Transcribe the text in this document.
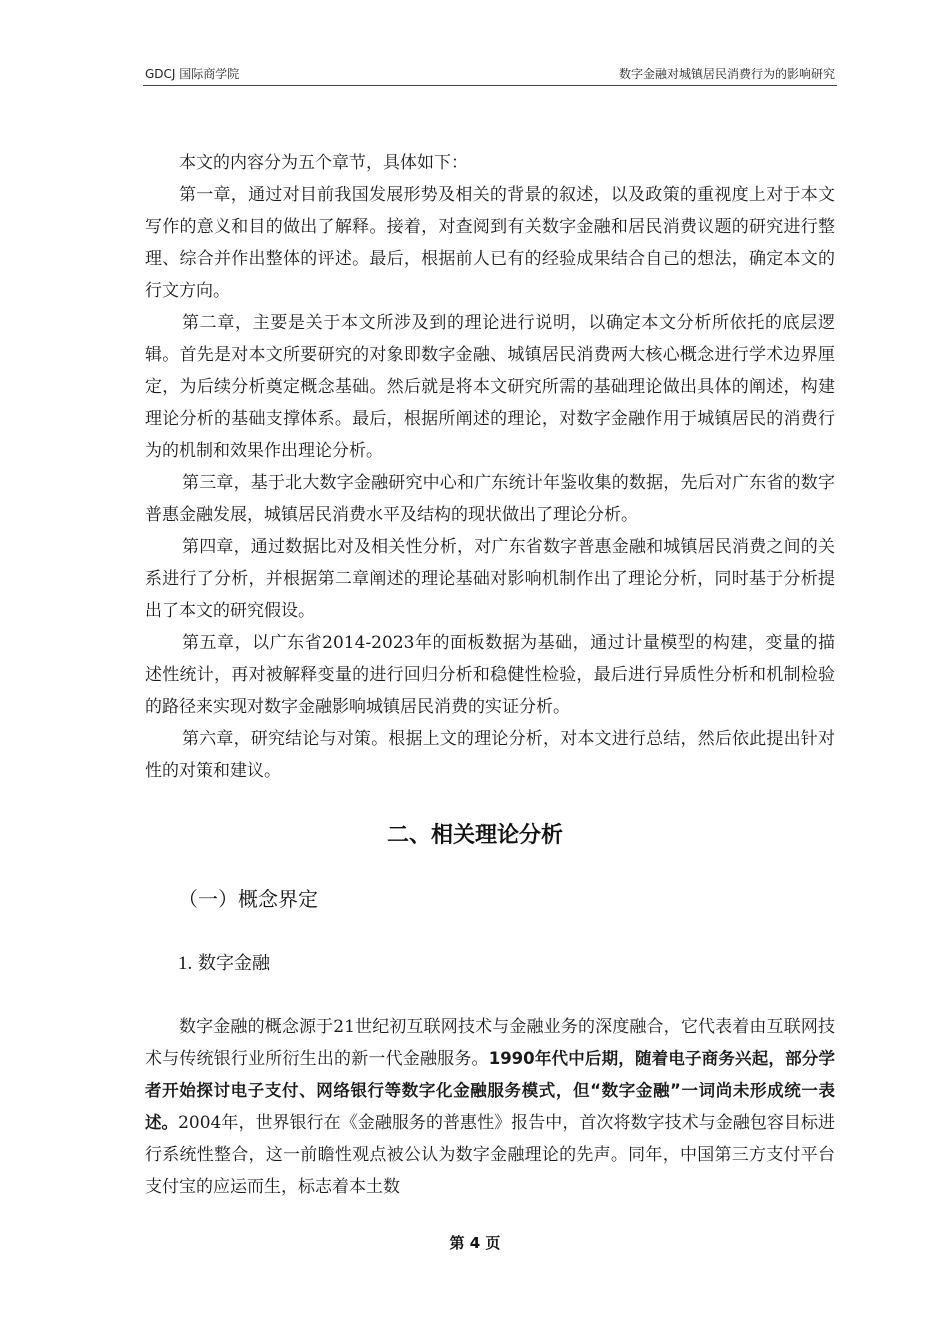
GDCJ 国际商学院	数字金融对城镇居民消费行为的影响研究

本文的内容分为五个章节，具体如下：

第一章，通过对目前我国发展形势及相关的背景的叙述，以及政策的重视度上对于本文写作的意义和目的做出了解释。接着，对查阅到有关数字金融和居民消费议题的研究进行整理、综合并作出整体的评述。最后，根据前人已有的经验成果结合自己的想法，确定本文的行文方向。

第二章，主要是关于本文所涉及到的理论进行说明，以确定本文分析所依托的底层逻辑。首先是对本文所要研究的对象即数字金融、城镇居民消费两大核心概念进行学术边界厘定，为后续分析奠定概念基础。然后就是将本文研究所需的基础理论做出具体的阐述，构建理论分析的基础支撑体系。最后，根据所阐述的理论，对数字金融作用于城镇居民的消费行为的机制和效果作出理论分析。

第三章，基于北大数字金融研究中心和广东统计年鉴收集的数据，先后对广东省的数字普惠金融发展，城镇居民消费水平及结构的现状做出了理论分析。

第四章，通过数据比对及相关性分析，对广东省数字普惠金融和城镇居民消费之间的关系进行了分析，并根据第二章阐述的理论基础对影响机制作出了理论分析，同时基于分析提出了本文的研究假设。

第五章，以广东省2014-2023年的面板数据为基础，通过计量模型的构建，变量的描述性统计，再对被解释变量的进行回归分析和稳健性检验，最后进行异质性分析和机制检验的路径来实现对数字金融影响城镇居民消费的实证分析。

第六章，研究结论与对策。根据上文的理论分析，对本文进行总结，然后依此提出针对性的对策和建议。

二、相关理论分析
（一）概念界定
1. 数字金融

数字金融的概念源于21世纪初互联网技术与金融业务的深度融合，它代表着由互联网技术与传统银行业所衍生出的新一代金融服务。1990年代中后期，随着电子商务兴起，部分学者开始探讨电子支付、网络银行等数字化金融服务模式，但“数字金融”一词尚未形成统一表述。2004年，世界银行在《金融服务的普惠性》报告中，首次将数字技术与金融包容目标进行系统性整合，这一前瞻性观点被公认为数字金融理论的先声。同年，中国第三方支付平台支付宝的应运而生，标志着本土数

第 4 页
